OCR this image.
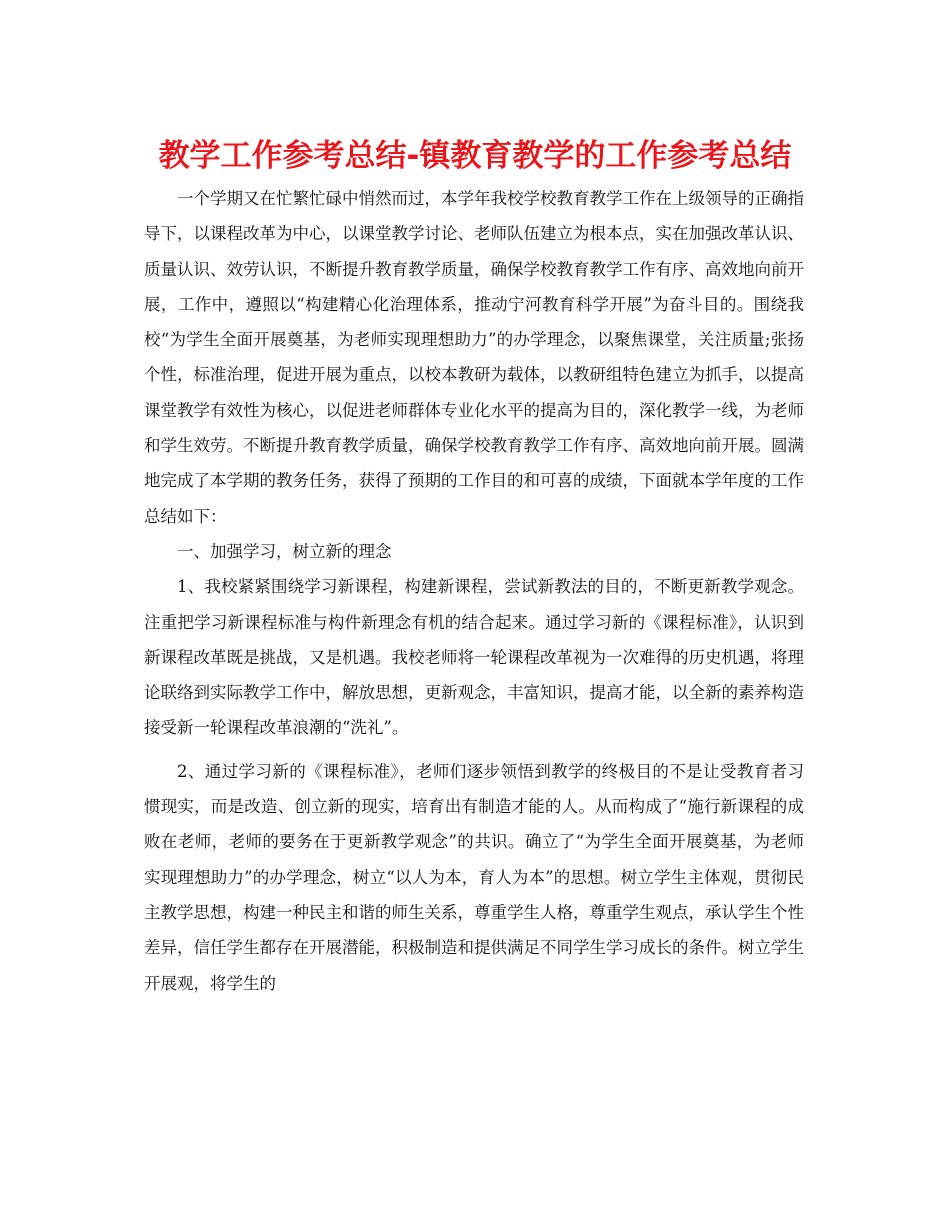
教学工作参考总结-镇教育教学的工作参考总结

一个学期又在忙繁忙碌中悄然而过，本学年我校学校教育教学工作在上级领导的正确指导下，以课程改革为中心，以课堂教学讨论、老师队伍建立为根本点，实在加强改革认识、质量认识、效劳认识，不断提升教育教学质量，确保学校教育教学工作有序、高效地向前开展，工作中，遵照以“构建精心化治理体系，推动宁河教育科学开展”为奋斗目的。围绕我校“为学生全面开展奠基，为老师实现理想助力”的办学理念，以聚焦课堂，关注质量;张扬个性，标准治理，促进开展为重点，以校本教研为载体，以教研组特色建立为抓手，以提高课堂教学有效性为核心，以促进老师群体专业化水平的提高为目的，深化教学一线，为老师和学生效劳。不断提升教育教学质量，确保学校教育教学工作有序、高效地向前开展。圆满地完成了本学期的教务任务，获得了预期的工作目的和可喜的成绩，下面就本学年度的工作总结如下：

一、加强学习，树立新的理念

1、我校紧紧围绕学习新课程，构建新课程，尝试新教法的目的，不断更新教学观念。注重把学习新课程标准与构件新理念有机的结合起来。通过学习新的《课程标准》，认识到新课程改革既是挑战，又是机遇。我校老师将一轮课程改革视为一次难得的历史机遇，将理论联络到实际教学工作中，解放思想，更新观念，丰富知识，提高才能，以全新的素养构造接受新一轮课程改革浪潮的“洗礼”。

2、通过学习新的《课程标准》，老师们逐步领悟到教学的终极目的不是让受教育者习惯现实，而是改造、创立新的现实，培育出有制造才能的人。从而构成了“施行新课程的成败在老师，老师的要务在于更新教学观念”的共识。确立了“为学生全面开展奠基，为老师实现理想助力”的办学理念，树立“以人为本，育人为本”的思想。树立学生主体观，贯彻民主教学思想，构建一种民主和谐的师生关系，尊重学生人格，尊重学生观点，承认学生个性差异，信任学生都存在开展潜能，积极制造和提供满足不同学生学习成长的条件。树立学生开展观，将学生的
